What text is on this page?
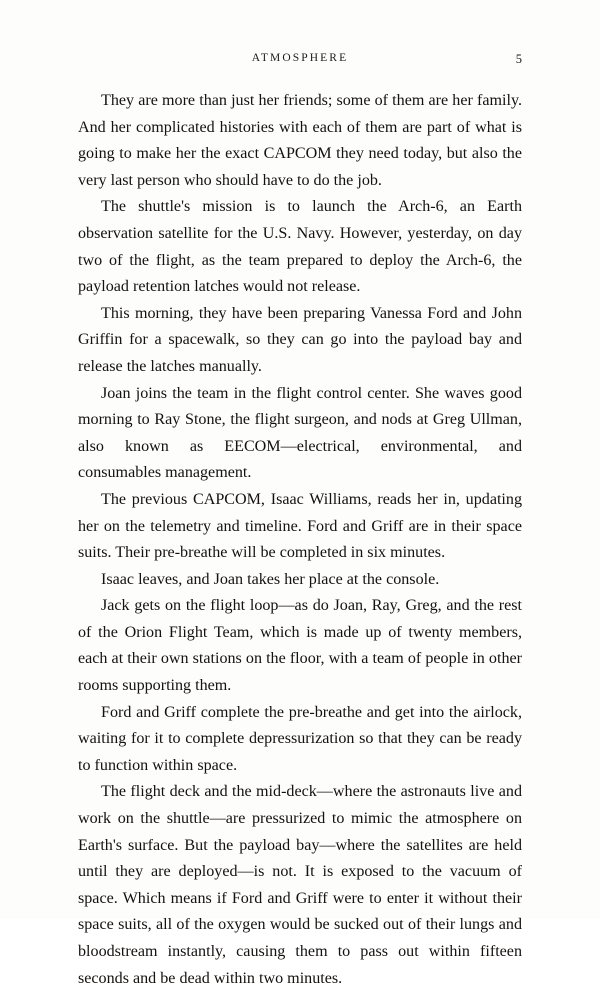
ATMOSPHERE	5

They are more than just her friends; some of them are her family. And her complicated histories with each of them are part of what is going to make her the exact CAPCOM they need today, but also the very last person who should have to do the job.

The shuttle's mission is to launch the Arch-6, an Earth observation satellite for the U.S. Navy. However, yesterday, on day two of the flight, as the team prepared to deploy the Arch-6, the payload retention latches would not release.

This morning, they have been preparing Vanessa Ford and John Griffin for a spacewalk, so they can go into the payload bay and release the latches manually.

Joan joins the team in the flight control center. She waves good morning to Ray Stone, the flight surgeon, and nods at Greg Ullman, also known as EECOM—electrical, environmental, and consumables management.

The previous CAPCOM, Isaac Williams, reads her in, updating her on the telemetry and timeline. Ford and Griff are in their space suits. Their pre-breathe will be completed in six minutes.

Isaac leaves, and Joan takes her place at the console.

Jack gets on the flight loop—as do Joan, Ray, Greg, and the rest of the Orion Flight Team, which is made up of twenty members, each at their own stations on the floor, with a team of people in other rooms supporting them.

Ford and Griff complete the pre-breathe and get into the airlock, waiting for it to complete depressurization so that they can be ready to function within space.

The flight deck and the mid-deck—where the astronauts live and work on the shuttle—are pressurized to mimic the atmosphere on Earth's surface. But the payload bay—where the satellites are held until they are deployed—is not. It is exposed to the vacuum of space. Which means if Ford and Griff were to enter it without their space suits, all of the oxygen would be sucked out of their lungs and bloodstream instantly, causing them to pass out within fifteen seconds and be dead within two minutes.
